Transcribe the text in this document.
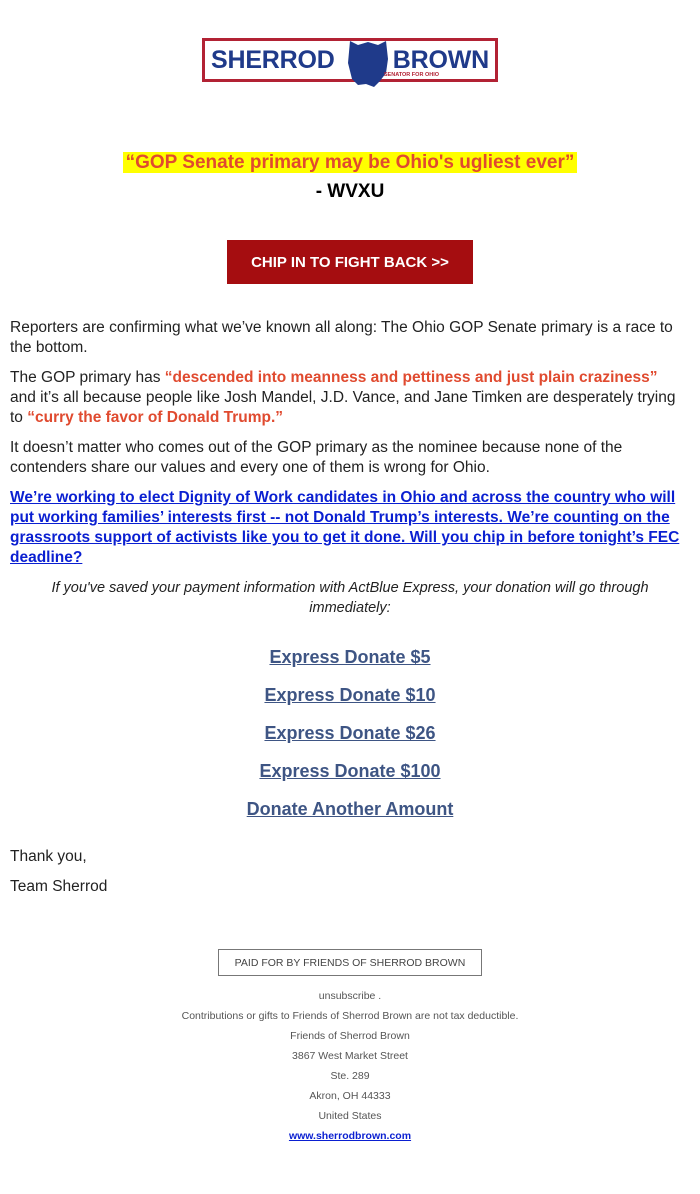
SHERROD BROWN
SENATOR FOR OHIO
“GOP Senate primary may be Ohio's ugliest ever”
- WVXU
CHIP IN TO FIGHT BACK >>
Reporters are confirming what we’ve known all along: The Ohio GOP Senate primary is a race to the bottom.
The GOP primary has “descended into meanness and pettiness and just plain craziness” and it’s all because people like Josh Mandel, J.D. Vance, and Jane Timken are desperately trying to “curry the favor of Donald Trump.”
It doesn’t matter who comes out of the GOP primary as the nominee because none of the contenders share our values and every one of them is wrong for Ohio.
We’re working to elect Dignity of Work candidates in Ohio and across the country who will put working families’ interests first -- not Donald Trump’s interests. We’re counting on the grassroots support of activists like you to get it done. Will you chip in before tonight’s FEC deadline?
If you've saved your payment information with ActBlue Express, your donation will go through immediately:
Express Donate $5
Express Donate $10
Express Donate $26
Express Donate $100
Donate Another Amount
Thank you,
Team Sherrod
PAID FOR BY FRIENDS OF SHERROD BROWN
unsubscribe .
Contributions or gifts to Friends of Sherrod Brown are not tax deductible.
Friends of Sherrod Brown
3867 West Market Street
Ste. 289
Akron, OH 44333
United States
www.sherrodbrown.com
